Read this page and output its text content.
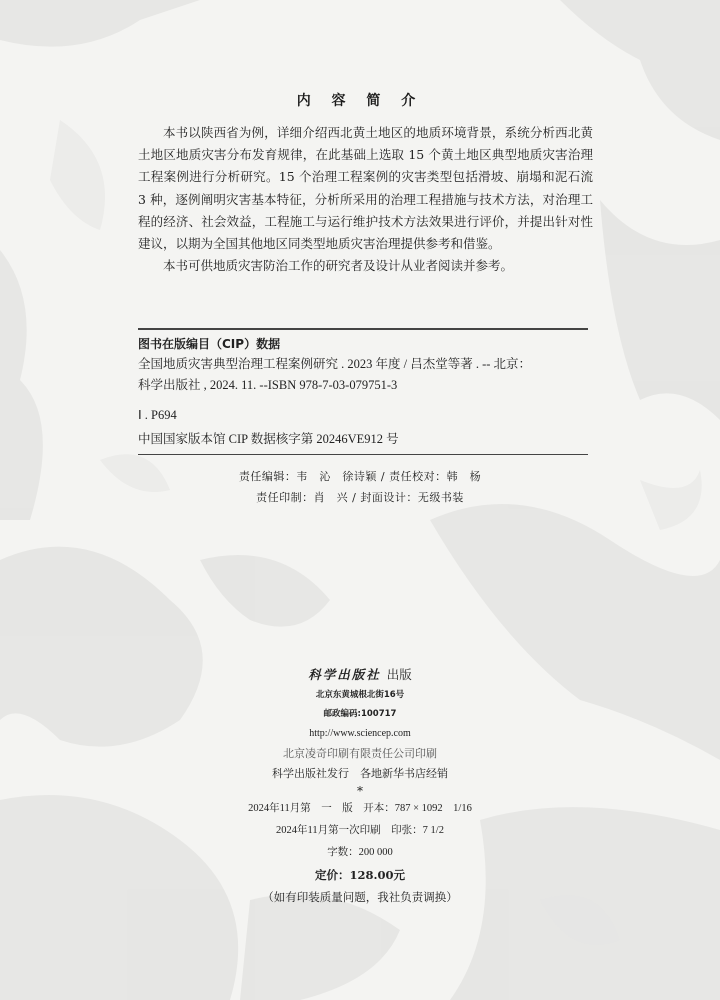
内 容 简 介

本书以陕西省为例，详细介绍西北黄土地区的地质环境背景，系统分析西北黄土地区地质灾害分布发育规律，在此基础上选取 15 个黄土地区典型地质灾害治理工程案例进行分析研究。15 个治理工程案例的灾害类型包括滑坡、崩塌和泥石流 3 种，逐例阐明灾害基本特征，分析所采用的治理工程措施与技术方法，对治理工程的经济、社会效益，工程施工与运行维护技术方法效果进行评价，并提出针对性建议，以期为全国其他地区同类型地质灾害治理提供参考和借鉴。

本书可供地质灾害防治工作的研究者及设计从业者阅读并参考。

图书在版编目（CIP）数据
全国地质灾害典型治理工程案例研究 . 2023 年度 / 吕杰堂等著 . -- 北京：
科学出版社 , 2024. 11. --ISBN 978-7-03-079751-3
Ⅰ . P694
中国国家版本馆 CIP 数据核字第 20246VE912 号
责任编辑：韦　沁　徐诗颖 / 责任校对：韩　杨
责任印制：肖　兴 / 封面设计：无级书装
科学出版社 出版
北京东黄城根北街16号
邮政编码:100717
http://www.sciencep.com
北京凌奇印刷有限责任公司印刷
科学出版社发行　各地新华书店经销
*
2024年11月第　一　版　开本：787 × 1092　1/16
2024年11月第一次印刷　印张：7 1/2
字数：200 000
定价：128.00元
（如有印装质量问题，我社负责调换）
